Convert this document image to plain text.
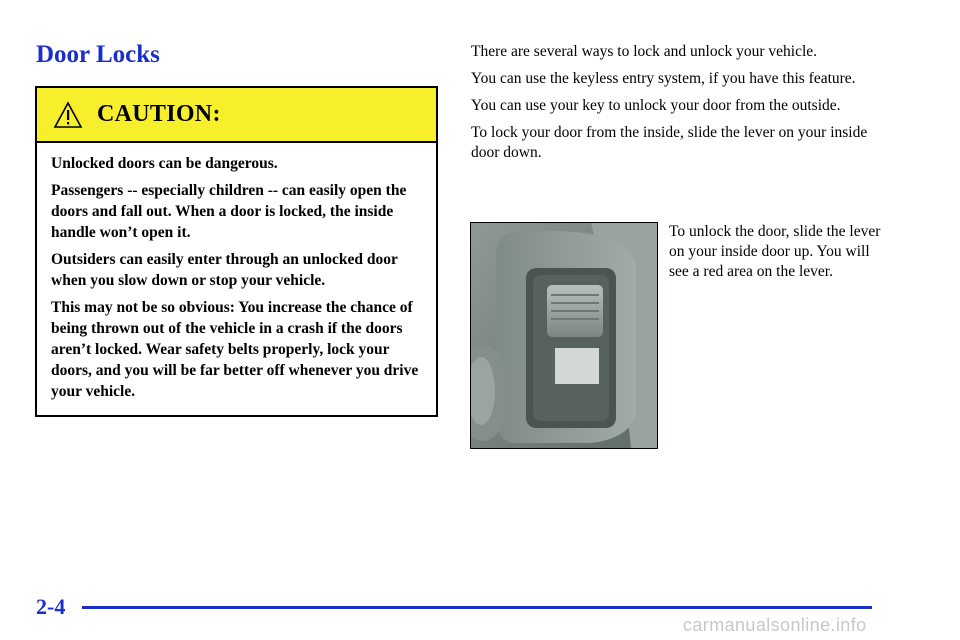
Door Locks
CAUTION:

Unlocked doors can be dangerous.

Passengers -- especially children -- can easily open the doors and fall out. When a door is locked, the inside handle won’t open it.

Outsiders can easily enter through an unlocked door when you slow down or stop your vehicle.

This may not be so obvious: You increase the chance of being thrown out of the vehicle in a crash if the doors aren’t locked. Wear safety belts properly, lock your doors, and you will be far better off whenever you drive your vehicle.

There are several ways to lock and unlock your vehicle.

You can use the keyless entry system, if you have this feature.

You can use your key to unlock your door from the outside.

To lock your door from the inside, slide the lever on your inside door down.

To unlock the door, slide the lever on your inside door up. You will see a red area on the lever.

2-4
carmanualsonline.info
